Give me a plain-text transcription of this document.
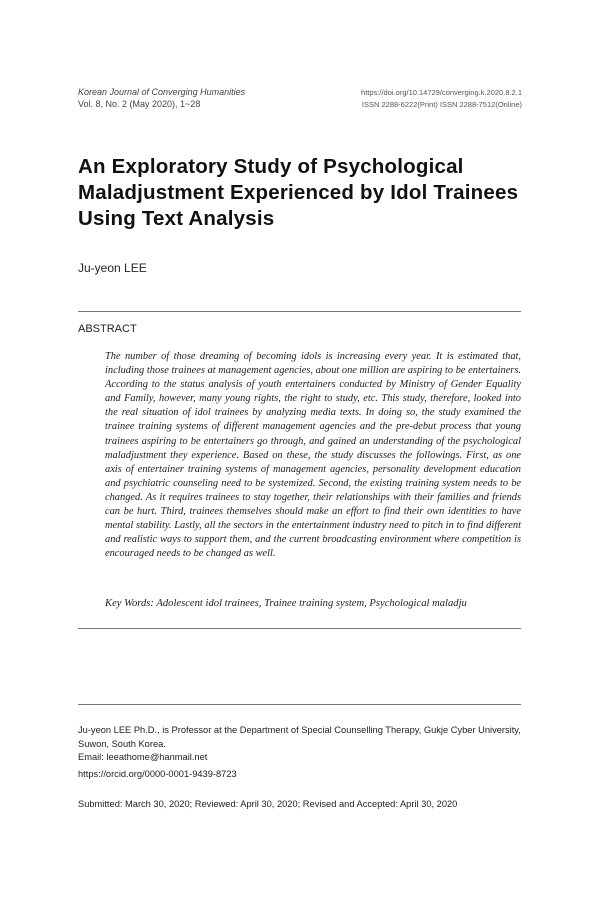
Korean Journal of Converging Humanities
Vol. 8, No. 2 (May 2020), 1~28
https://doi.org/10.14729/converging.k.2020.8.2.1
ISSN 2288-6222(Print) ISSN 2288-7512(Online)
An Exploratory Study of Psychological Maladjustment Experienced by Idol Trainees Using Text Analysis
Ju-yeon LEE
ABSTRACT

The number of those dreaming of becoming idols is increasing every year. It is estimated that, including those trainees at management agencies, about one million are aspiring to be entertainers. According to the status analysis of youth entertainers conducted by Ministry of Gender Equality and Family, however, many young rights, the right to study, etc. This study, therefore, looked into the real situation of idol trainees by analyzing media texts. In doing so, the study examined the trainee training systems of different management agencies and the pre-debut process that young trainees aspiring to be entertainers go through, and gained an understanding of the psychological maladjustment they experience. Based on these, the study discusses the followings. First, as one axis of entertainer training systems of management agencies, personality development education and psychiatric counseling need to be systemized. Second, the existing training system needs to be changed. As it requires trainees to stay together, their relationships with their families and friends can be hurt. Third, trainees themselves should make an effort to find their own identities to have mental stability. Lastly, all the sectors in the entertainment industry need to pitch in to find different and realistic ways to support them, and the current broadcasting environment where competition is encouraged needs to be changed as well.

Key Words: Adolescent idol trainees, Trainee training system, Psychological maladju
Ju-yeon LEE Ph.D., is Professor at the Department of Special Counselling Therapy, Gukje Cyber University, Suwon, South Korea.
Email: leeathome@hanmail.net
https://orcid.org/0000-0001-9439-8723
Submitted: March 30, 2020; Reviewed: April 30, 2020; Revised and Accepted: April 30, 2020
